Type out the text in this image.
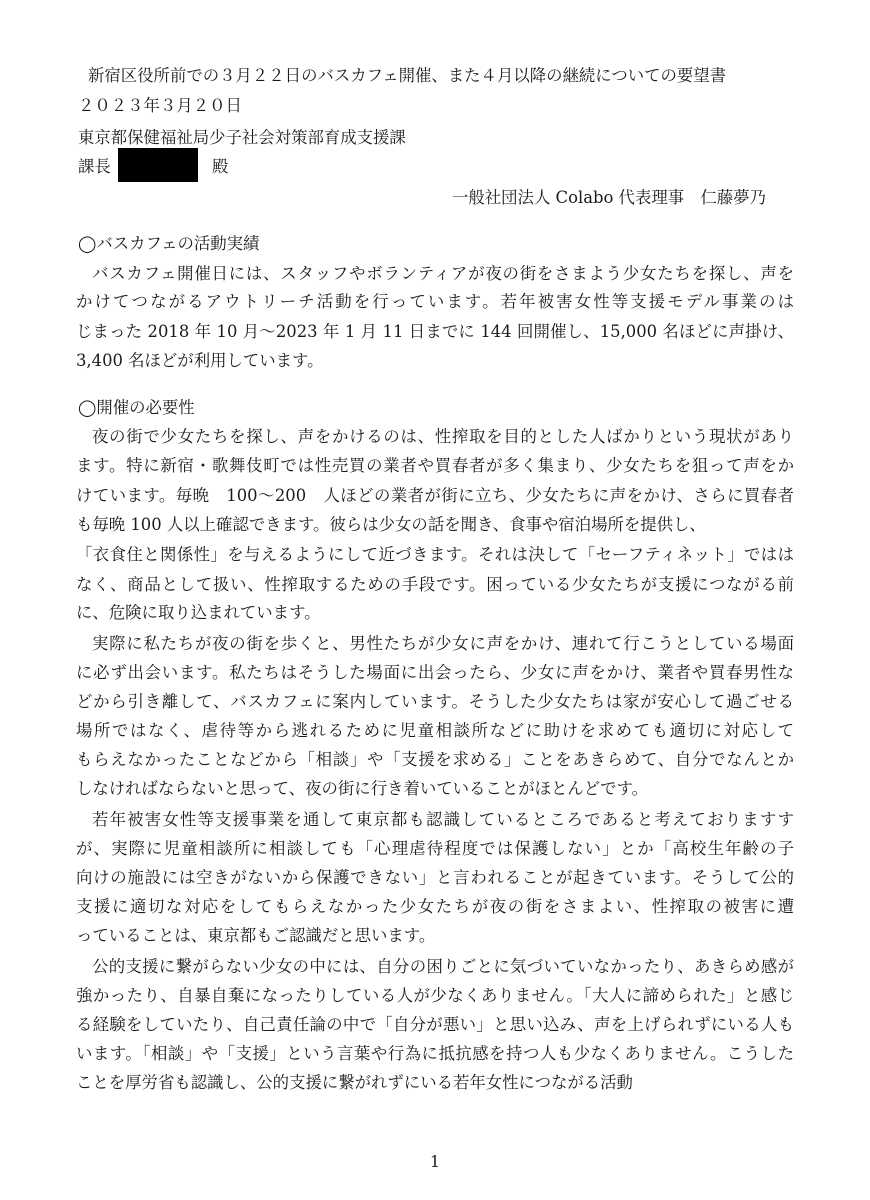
新宿区役所前での３月２２日のバスカフェ開催、また４月以降の継続についての要望書
２０２３年３月２０日
東京都保健福祉局少子社会対策部育成支援課
課長	殿
一般社団法人 Colabo 代表理事　仁藤夢乃
◯バスカフェの活動実績
バスカフェ開催日には、スタッフやボランティアが夜の街をさまよう少女たちを探し、声を
かけてつながるアウトリーチ活動を行っています。若年被害女性等支援モデル事業のは
じまった 2018 年 10 月～2023 年 1 月 11 日までに 144 回開催し、15,000 名ほどに声掛け、
3,400 名ほどが利用しています。
◯開催の必要性
夜の街で少女たちを探し、声をかけるのは、性搾取を目的とした人ばかりという現状があり
ます。特に新宿・歌舞伎町では性売買の業者や買春者が多く集まり、少女たちを狙って声をか
けています。毎晩　100～200　人ほどの業者が街に立ち、少女たちに声をかけ、さらに買春者
も毎晩 100 人以上確認できます。彼らは少女の話を聞き、食事や宿泊場所を提供し、
「衣食住と関係性」を与えるようにして近づきます。それは決して「セーフティネット」ではは
なく、商品として扱い、性搾取するための手段です。困っている少女たちが支援につながる前
に、危険に取り込まれています。
実際に私たちが夜の街を歩くと、男性たちが少女に声をかけ、連れて行こうとしている場面
に必ず出会います。私たちはそうした場面に出会ったら、少女に声をかけ、業者や買春男性な
どから引き離して、バスカフェに案内しています。そうした少女たちは家が安心して過ごせる
場所ではなく、虐待等から逃れるために児童相談所などに助けを求めても適切に対応して
もらえなかったことなどから「相談」や「支援を求める」ことをあきらめて、自分でなんとか
しなければならないと思って、夜の街に行き着いていることがほとんどです。
若年被害女性等支援事業を通して東京都も認識しているところであると考えておりますす
が、実際に児童相談所に相談しても「心理虐待程度では保護しない」とか「高校生年齢の子
向けの施設には空きがないから保護できない」と言われることが起きています。そうして公的
支援に適切な対応をしてもらえなかった少女たちが夜の街をさまよい、性搾取の被害に遭
っていることは、東京都もご認識だと思います。
公的支援に繋がらない少女の中には、自分の困りごとに気づいていなかったり、あきらめ感が
強かったり、自暴自棄になったりしている人が少なくありません。「大人に諦められた」と感じ
る経験をしていたり、自己責任論の中で「自分が悪い」と思い込み、声を上げられずにいる人も
います。「相談」や「支援」という言葉や行為に抵抗感を持つ人も少なくありません。こうした
ことを厚労省も認識し、公的支援に繋がれずにいる若年女性につながる活動
1
